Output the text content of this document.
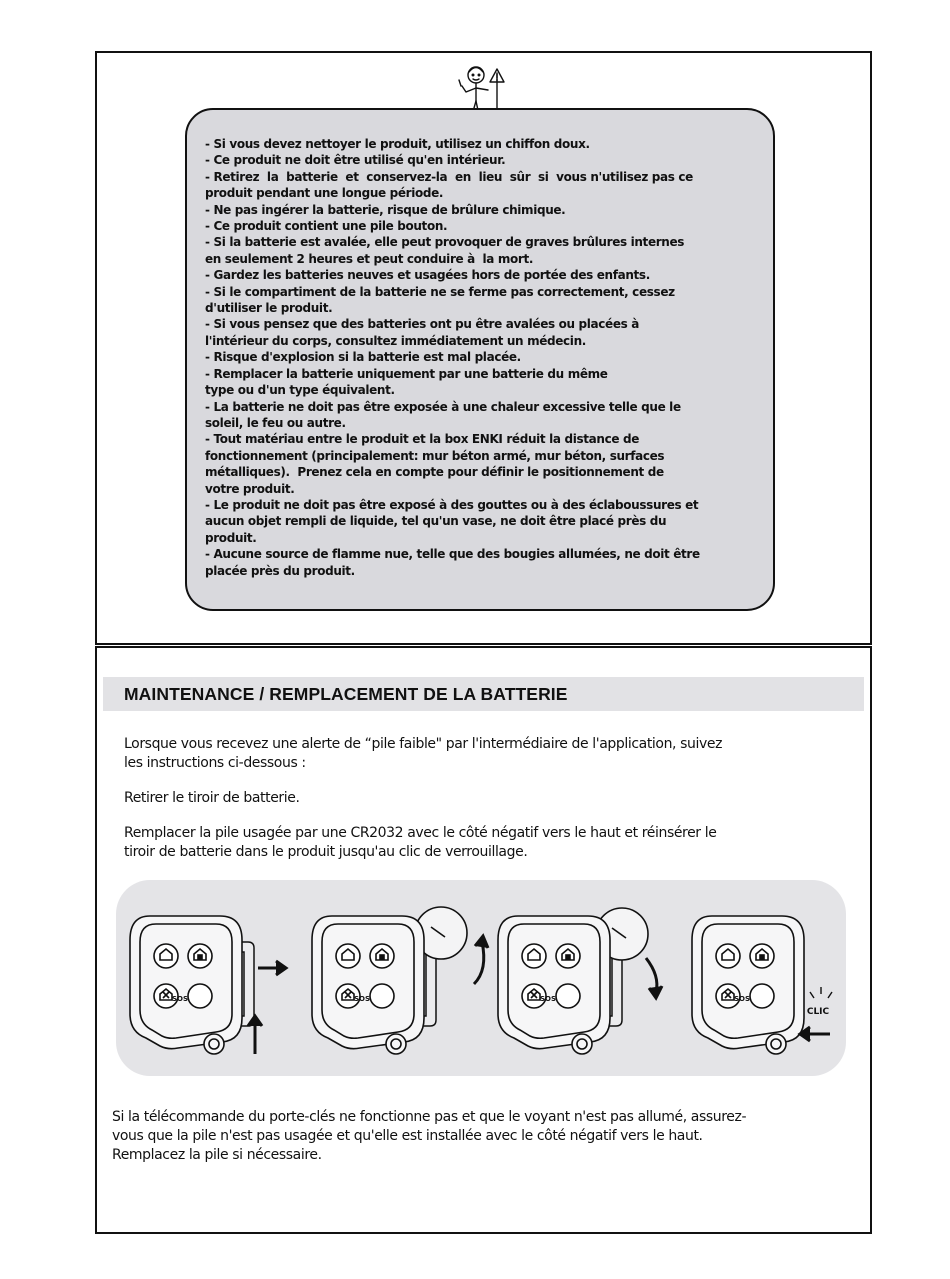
- Si vous devez nettoyer le produit, utilisez un chiffon doux.
- Ce produit ne doit être utilisé qu'en intérieur.
- Retirez  la  batterie  et  conservez-la  en  lieu  sûr  si  vous n'utilisez pas ce
produit pendant une longue période.
- Ne pas ingérer la batterie, risque de brûlure chimique.
- Ce produit contient une pile bouton.
- Si la batterie est avalée, elle peut provoquer de graves brûlures internes
en seulement 2 heures et peut conduire à  la mort.
- Gardez les batteries neuves et usagées hors de portée des enfants.
- Si le compartiment de la batterie ne se ferme pas correctement, cessez
d'utiliser le produit.
- Si vous pensez que des batteries ont pu être avalées ou placées à
l'intérieur du corps, consultez immédiatement un médecin.
- Risque d'explosion si la batterie est mal placée.
- Remplacer la batterie uniquement par une batterie du même
type ou d'un type équivalent.
- La batterie ne doit pas être exposée à une chaleur excessive telle que le
soleil, le feu ou autre.
- Tout matériau entre le produit et la box ENKI réduit la distance de
fonctionnement (principalement: mur béton armé, mur béton, surfaces
métalliques).  Prenez cela en compte pour définir le positionnement de
votre produit.
- Le produit ne doit pas être exposé à des gouttes ou à des éclaboussures et
aucun objet rempli de liquide, tel qu'un vase, ne doit être placé près du
produit.
- Aucune source de flamme nue, telle que des bougies allumées, ne doit être
placée près du produit.
MAINTENANCE / REMPLACEMENT DE LA BATTERIE
Lorsque vous recevez une alerte de “pile faible" par l'intermédiaire de l'application, suivez
les instructions ci-dessous :
Retirer le tiroir de batterie.
Remplacer la pile usagée par une CR2032 avec le côté négatif vers le haut et réinsérer le
tiroir de batterie dans le produit jusqu'au clic de verrouillage.
SOS	SOS	SOS	SOS
CLIC
Si la télécommande du porte-clés ne fonctionne pas et que le voyant n'est pas allumé, assurez-
vous que la pile n'est pas usagée et qu'elle est installée avec le côté négatif vers le haut.
Remplacez la pile si nécessaire.
